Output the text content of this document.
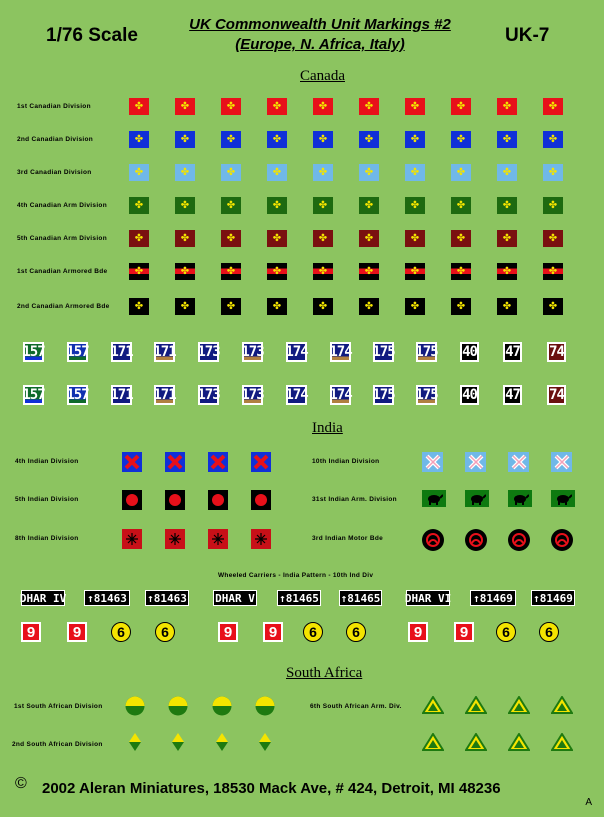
1/76 Scale
UK Commonwealth Unit Markings #2
(Europe, N. Africa, Italy)	UK-7
Canada
1st Canadian Division	✤	✤	✤	✤	✤	✤	✤	✤	✤	✤
2nd Canadian Division	✤	✤	✤	✤	✤	✤	✤	✤	✤	✤
3rd Canadian Division	✤	✤	✤	✤	✤	✤	✤	✤	✤	✤
4th Canadian Arm Division	✤	✤	✤	✤	✤	✤	✤	✤	✤	✤
5th Canadian Arm Division	✤	✤	✤	✤	✤	✤	✤	✤	✤	✤
1st Canadian Armored Bde	✤	✤	✤	✤	✤	✤	✤	✤	✤	✤
2nd Canadian Armored Bde	✤	✤	✤	✤	✤	✤	✤	✤	✤	✤
157 157 171 171 173 173 174 174 175 175 40 47 74
157 157 171 171 173 173 174 174 175 175 40 47 74
India
4th Indian Division	10th Indian Division
5th Indian Division	31st Indian Arm. Division
8th Indian Division	3rd Indian Motor Bde
Wheeled Carriers - India Pattern - 10th Ind Div
DHAR IV ↑81463 ↑81463	DHAR V ↑81465 ↑81465 DHAR VI ↑81469 ↑81469
9	9	9	9	9	9
6	6	6	6	6	6
South Africa
1st South African Division
2nd South African Division
6th South African Arm. Div.
© 2002 Aleran Miniatures, 18530 Mack Ave, # 424, Detroit, MI 48236
A
